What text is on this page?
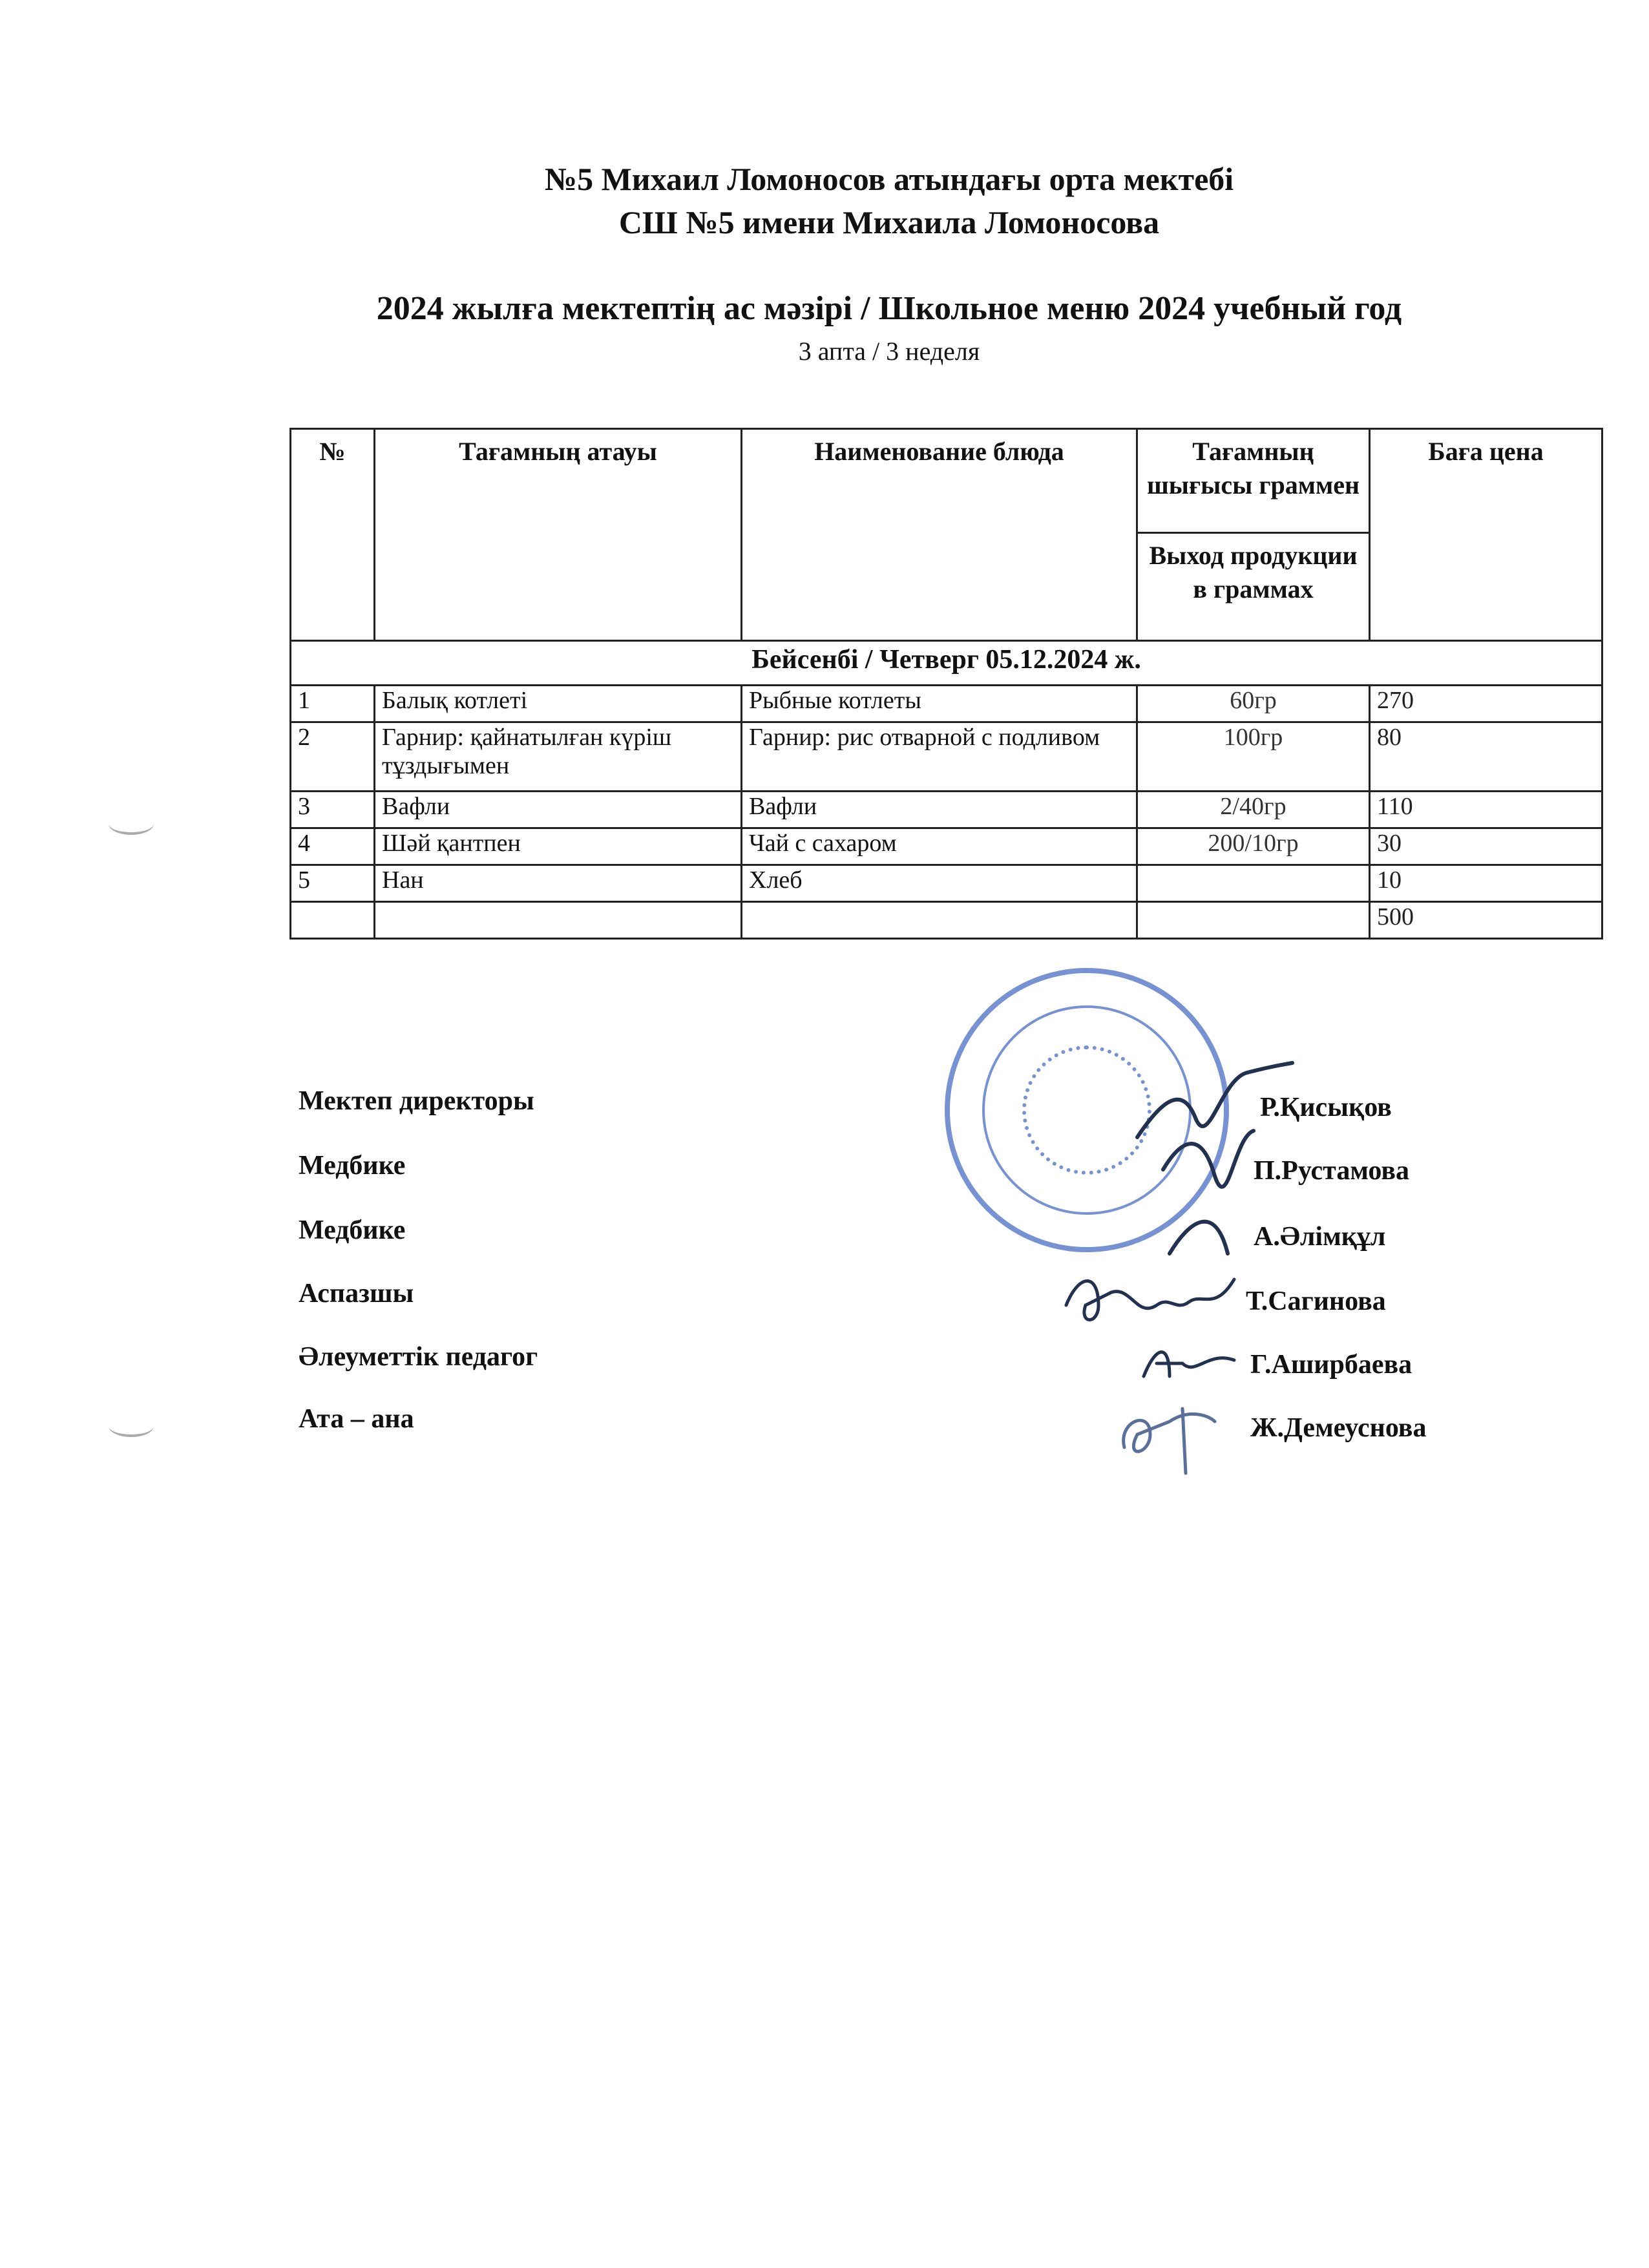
№5 Михаил Ломоносов атындағы орта мектебі

СШ №5 имени Михаила Ломоносова

2024 жылға мектептің ас мәзірі / Школьное меню 2024 учебный год

3 апта / 3 неделя

№	Тағамның атауы	Наименование блюда	Тағамның шығысы граммен	Баға цена
			Выход продукции в граммах	
Бейсенбі / Четверг 05.12.2024 ж.				
1	Балық котлеті	Рыбные котлеты	60гр	270
2	Гарнир: қайнатылған күріш тұздығымен	Гарнир: рис отварной с подливом	100гр	80
3	Вафли	Вафли	2/40гр	110
4	Шәй қантпен	Чай с сахаром	200/10гр	30
5	Нан	Хлеб		10
				500
Мектеп директоры	Р.Қисықов
Медбике	П.Рустамова
Медбике	А.Әлімқұл
Аспазшы	Т.Сагинова
Әлеуметтік педагог	Г.Аширбаева
Ата – ана	Ж.Демеуснова
